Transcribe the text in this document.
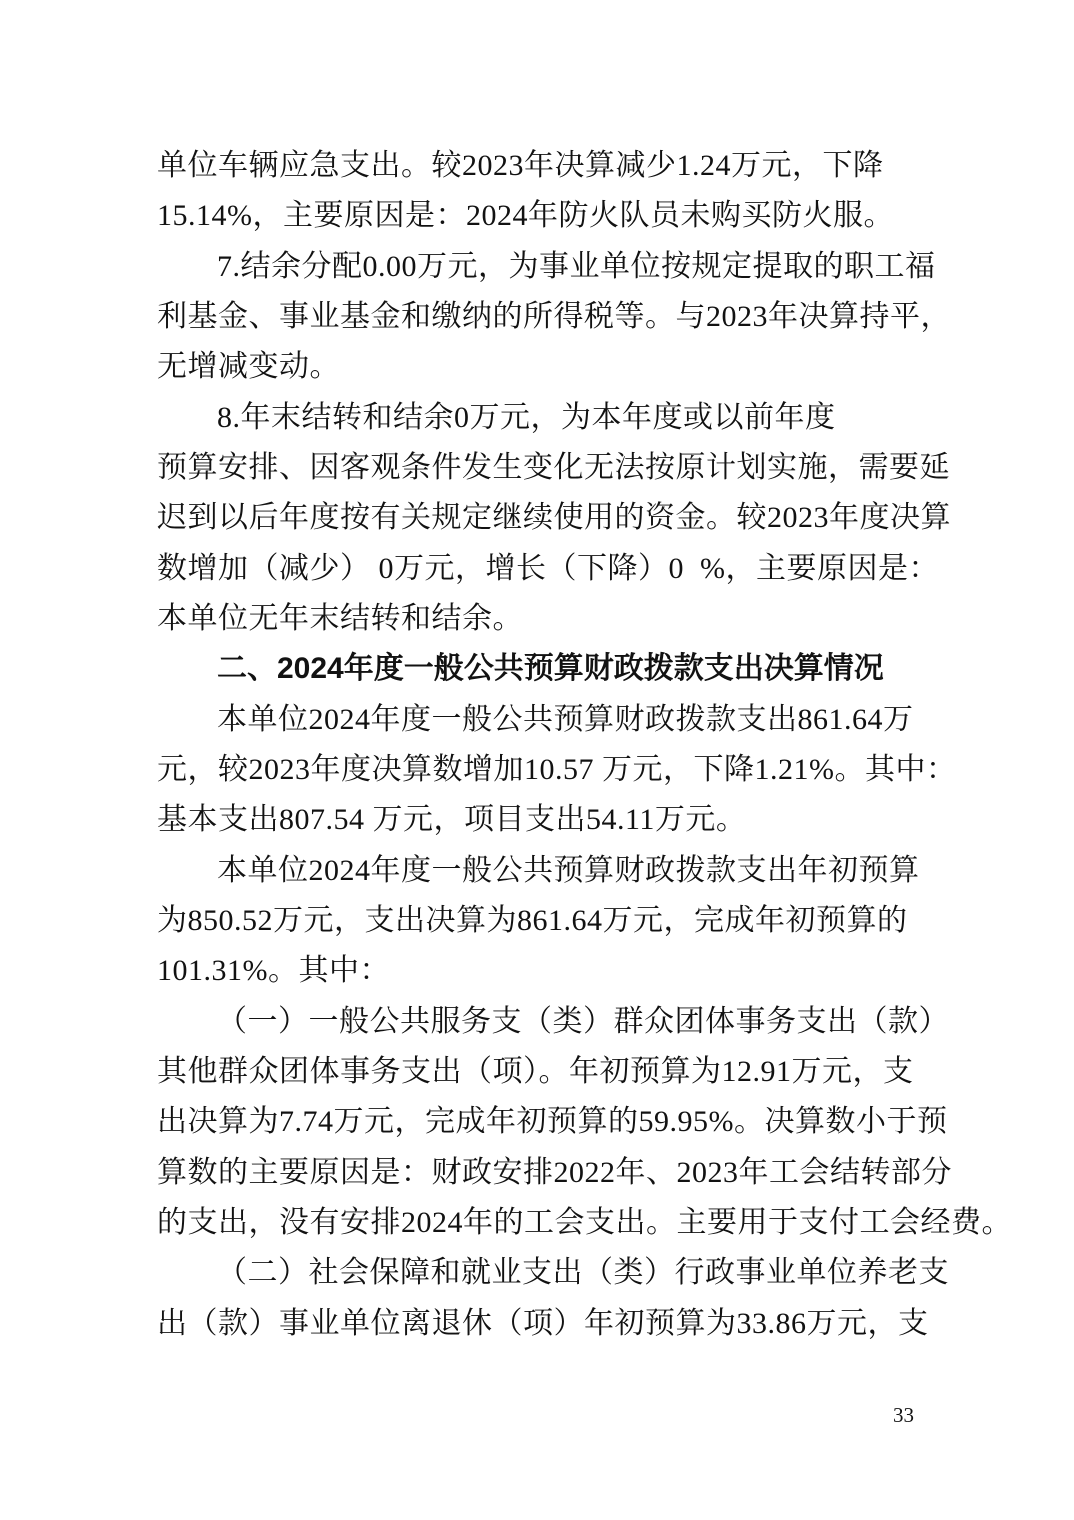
单位车辆应急支出。较2023年决算减少1.24万元，下降
15.14%，主要原因是：2024年防火队员未购买防火服。
7.结余分配0.00万元，为事业单位按规定提取的职工福
利基金、事业基金和缴纳的所得税等。与2023年决算持平，
无增减变动。
8.年末结转和结余0万元，为本年度或以前年度
预算安排、因客观条件发生变化无法按原计划实施，需要延
迟到以后年度按有关规定继续使用的资金。较2023年度决算
数增加（减少） 0万元，增长（下降）0  %，主要原因是：
本单位无年末结转和结余。
二、2024年度一般公共预算财政拨款支出决算情况
本单位2024年度一般公共预算财政拨款支出861.64万
元，较2023年度决算数增加10.57 万元，下降1.21%。其中：
基本支出807.54 万元，项目支出54.11万元。
本单位2024年度一般公共预算财政拨款支出年初预算
为850.52万元，支出决算为861.64万元，完成年初预算的
101.31%。其中：
（一）一般公共服务支（类）群众团体事务支出（款）
其他群众团体事务支出（项）。年初预算为12.91万元，支
出决算为7.74万元，完成年初预算的59.95%。决算数小于预
算数的主要原因是：财政安排2022年、2023年工会结转部分
的支出，没有安排2024年的工会支出。主要用于支付工会经费。
（二）社会保障和就业支出（类）行政事业单位养老支
出（款）事业单位离退休（项）年初预算为33.86万元，支
33
